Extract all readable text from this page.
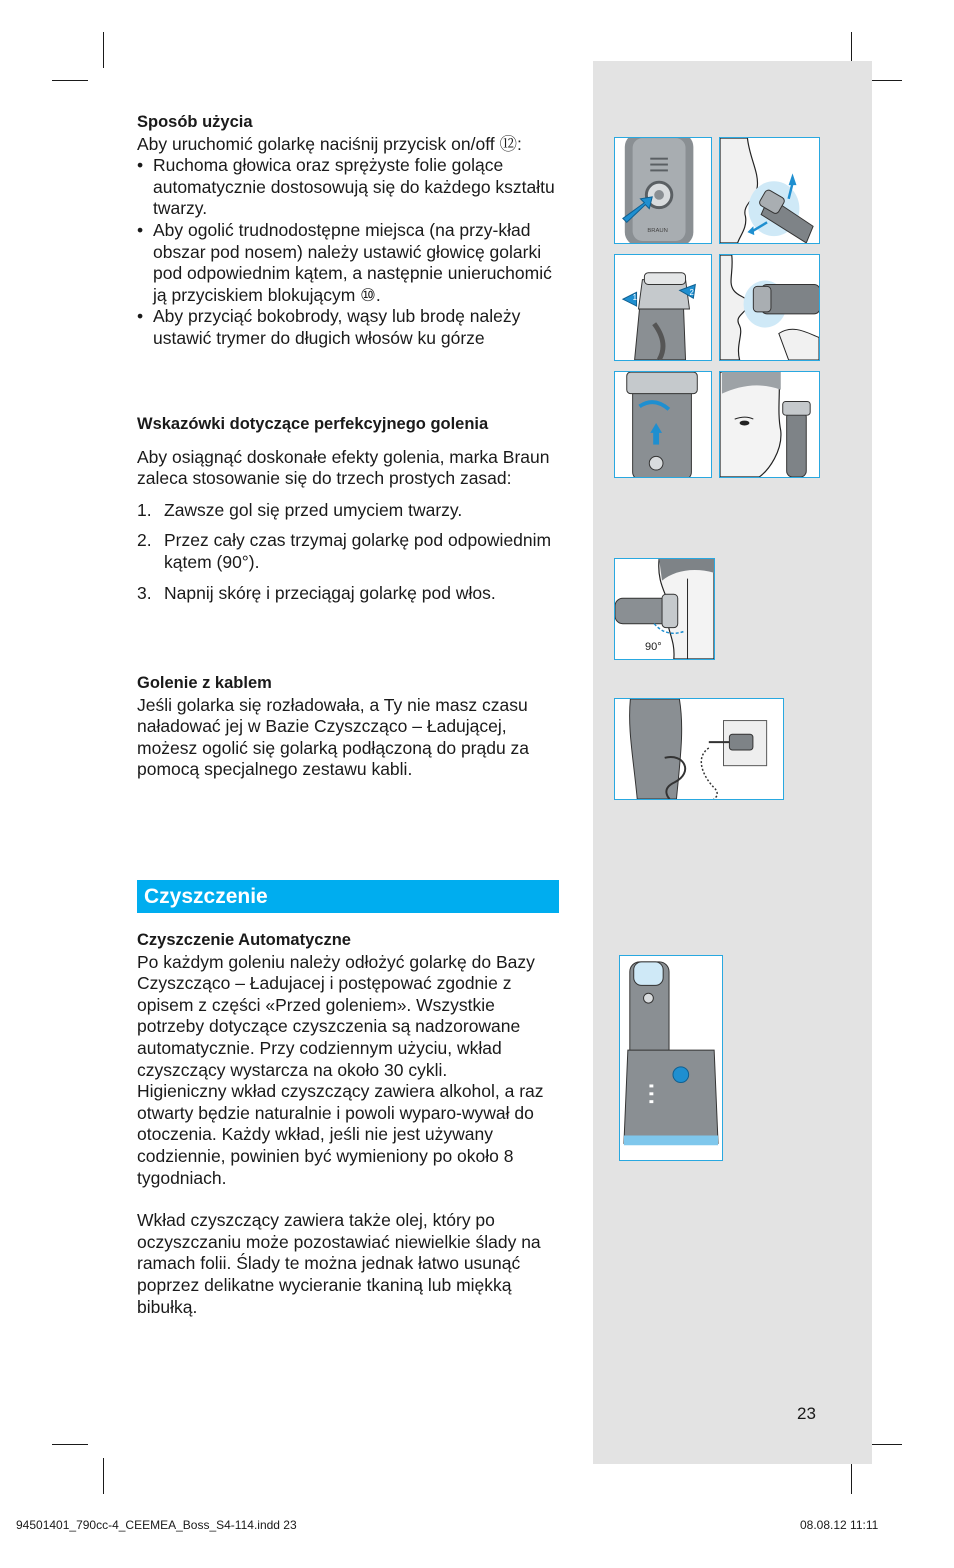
Sposób użycia

Aby uruchomić golarkę naciśnij przycisk on/off ⑫:

• Ruchoma głowica oraz sprężyste folie golące automatycznie dostosowują się do każdego kształtu twarzy.
• Aby ogolić trudnodostępne miejsca (na przy-kład obszar pod nosem) należy ustawić głowicę golarki pod odpowiednim kątem, a następnie unieruchomić ją przyciskiem blokującym ⑩.
• Aby przyciąć bokobrody, wąsy lub brodę należy ustawić trymer do długich włosów ku górze

Wskazówki dotyczące perfekcyjnego golenia

Aby osiągnąć doskonałe efekty golenia, marka Braun zaleca stosowanie się do trzech prostych zasad:

1. Zawsze gol się przed umyciem twarzy.
2. Przez cały czas trzymaj golarkę pod odpowiednim kątem (90°).
3. Napnij skórę i przeciągaj golarkę pod włos.

Golenie z kablem

Jeśli golarka się rozładowała, a Ty nie masz czasu naładować jej w Bazie Czyszcząco – Ładującej, możesz ogolić się golarką podłączoną do prądu za pomocą specjalnego zestawu kabli.

Czyszczenie

Czyszczenie Automatyczne

Po każdym goleniu należy odłożyć golarkę do Bazy Czyszcząco – Ładujacej i postępować zgodnie z opisem z części «Przed goleniem». Wszystkie potrzeby dotyczące czyszczenia są nadzorowane automatycznie. Przy codziennym użyciu, wkład czyszczący wystarcza na około 30 cykli.

Higieniczny wkład czyszczący zawiera alkohol, a raz otwarty będzie naturalnie i powoli wyparo-wywał do otoczenia. Każdy wkład, jeśli nie jest używany codziennie, powinien być wymieniony po około 8 tygodniach.

Wkład czyszczący zawiera także olej, który po oczyszczaniu może pozostawiać niewielkie ślady na ramach folii. Ślady te można jednak łatwo usunąć poprzez delikatne wycieranie tkaniną lub miękką bibułką.

BRAUN
1
2
90°
23
94501401_790cc-4_CEEMEA_Boss_S4-114.indd 23	08.08.12 11:11
